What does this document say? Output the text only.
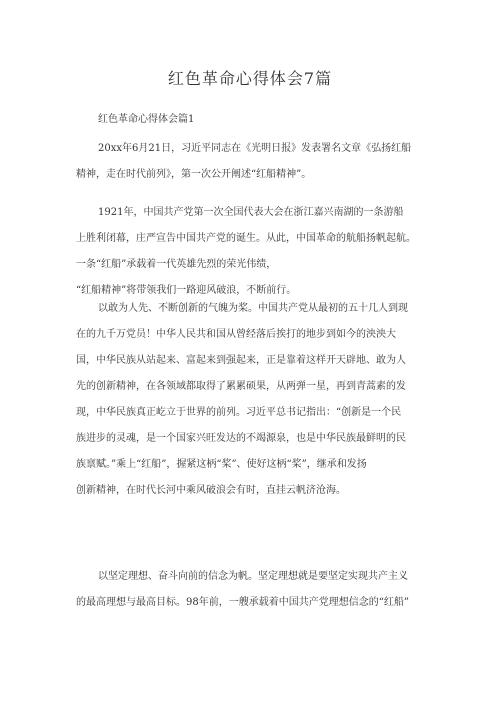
红色革命心得体会7篇
红色革命心得体会篇1
20xx年6月21日，习近平同志在《光明日报》发表署名文章《弘扬红船
精神，走在时代前列》，第一次公开阐述“红船精神”。
1921年，中国共产党第一次全国代表大会在浙江嘉兴南湖的一条游船
上胜利闭幕，庄严宣告中国共产党的诞生。从此，中国革命的航船扬帆起航。
一条“红船”承载着一代英雄先烈的荣光伟绩，
“红船精神”将带领我们一路迎风破浪，不断前行。
以敢为人先、不断创新的气魄为桨。中国共产党从最初的五十几人到现
在的九千万党员！中华人民共和国从曾经落后挨打的地步到如今的泱泱大
国，中华民族从站起来、富起来到强起来，正是靠着这样开天辟地、敢为人
先的创新精神，在各领域都取得了累累硕果，从两弹一星，再到青蒿素的发
现，中华民族真正屹立于世界的前列。习近平总书记指出：“创新是一个民
族进步的灵魂，是一个国家兴旺发达的不竭源泉，也是中华民族最鲜明的民
族禀赋。”乘上“红船”，握紧这柄“桨”、使好这柄“桨”，继承和发扬
创新精神，在时代长河中乘风破浪会有时，直挂云帆济沧海。
以坚定理想、奋斗向前的信念为帆。坚定理想就是要坚定实现共产主义
的最高理想与最高目标。98年前，一艘承载着中国共产党理想信念的“红船”
